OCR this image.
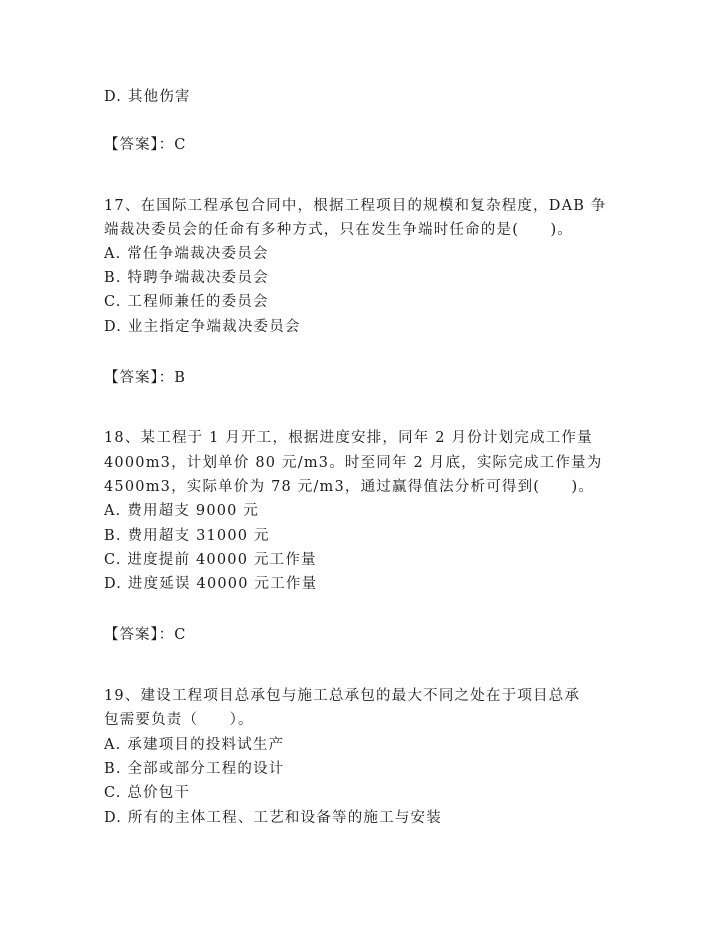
D. 其他伤害
【答案】：C
17、在国际工程承包合同中，根据工程项目的规模和复杂程度，DAB 争
端裁决委员会的任命有多种方式，只在发生争端时任命的是(　　)。
A. 常任争端裁决委员会
B. 特聘争端裁决委员会
C. 工程师兼任的委员会
D. 业主指定争端裁决委员会
【答案】：B
18、某工程于 1 月开工，根据进度安排，同年 2 月份计划完成工作量
4000m3，计划单价 80 元/m3。时至同年 2 月底，实际完成工作量为
4500m3，实际单价为 78 元/m3，通过赢得值法分析可得到(　　)。
A. 费用超支 9000 元
B. 费用超支 31000 元
C. 进度提前 40000 元工作量
D. 进度延误 40000 元工作量
【答案】：C
19、建设工程项目总承包与施工总承包的最大不同之处在于项目总承
包需要负责（　　）。
A. 承建项目的投料试生产
B. 全部或部分工程的设计
C. 总价包干
D. 所有的主体工程、工艺和设备等的施工与安装
